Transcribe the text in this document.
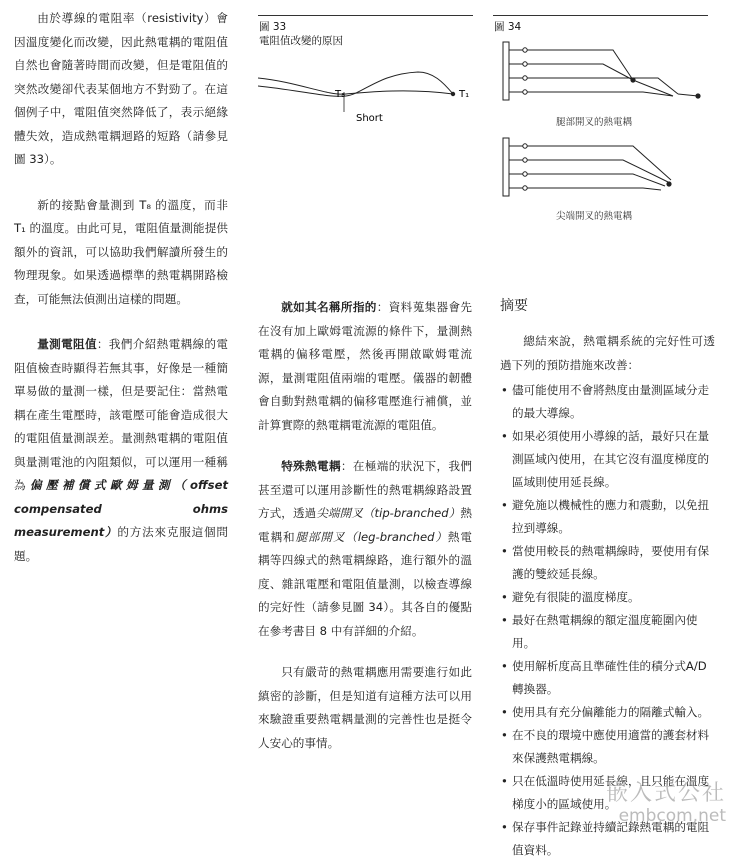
由於導線的電阻率（resistivity）會因溫度變化而改變，因此熱電耦的電阻值自然也會隨著時間而改變，但是電阻值的突然改變卻代表某個地方不對勁了。在這個例子中，電阻值突然降低了，表示絕緣體失效，造成熱電耦迴路的短路（請參見圖 33）。

新的接點會量測到 T₈ 的溫度，而非 T₁ 的溫度。由此可見，電阻值量測能提供額外的資訊，可以協助我們解讀所發生的物理現象。如果透過標準的熱電耦開路檢查，可能無法偵測出這樣的問題。

量測電阻值：我們介紹熱電耦線的電阻值檢查時顯得若無其事，好像是一種簡單易做的量測一樣，但是要記住：當熱電耦在產生電壓時，該電壓可能會造成很大的電阻值量測誤差。量測熱電耦的電阻值與量測電池的內阻類似，可以運用一種稱為偏壓補償式歐姆量測（offset compensated ohms measurement）的方法來克服這個問題。

圖 33
電阻值改變的原因
T₈	T₁
Short
圖 34
腿部開叉的熱電耦
尖端開叉的熱電耦

就如其名稱所指的：資料蒐集器會先在沒有加上歐姆電流源的條件下，量測熱電耦的偏移電壓，然後再開啟歐姆電流源，量測電阻值兩端的電壓。儀器的韌體會自動對熱電耦的偏移電壓進行補償，並計算實際的熱電耦電流源的電阻值。

特殊熱電耦：在極端的狀況下，我們甚至還可以運用診斷性的熱電耦線路設置方式，透過尖端開叉（tip-branched）熱電耦和腿部開叉（leg-branched）熱電耦等四線式的熱電耦線路，進行額外的溫度、雜訊電壓和電阻值量測，以檢查導線的完好性（請參見圖 34）。其各自的優點在參考書目 8 中有詳細的介紹。

只有嚴苛的熱電耦應用需要進行如此縝密的診斷，但是知道有這種方法可以用來驗證重要熱電耦量測的完善性也是挺令人安心的事情。

摘要

總結來說，熱電耦系統的完好性可透過下列的預防措施來改善：

• 儘可能使用不會將熱度由量測區域分走的最大導線。
• 如果必須使用小導線的話，最好只在量測區域內使用，在其它沒有溫度梯度的區域則使用延長線。
• 避免施以機械性的應力和震動，以免扭拉到導線。
• 當使用較長的熱電耦線時，要使用有保護的雙絞延長線。
• 避免有很陡的溫度梯度。
• 最好在熱電耦線的額定溫度範圍內使用。
• 使用解析度高且準確性佳的積分式A/D轉換器。
• 使用具有充分偏離能力的隔離式輸入。
• 在不良的環境中應使用適當的護套材料來保護熱電耦線。
• 只在低溫時使用延長線，且只能在溫度梯度小的區域使用。
• 保存事件記錄並持續記錄熱電耦的電阻值資料。
嵌入式公社
embcom.net
